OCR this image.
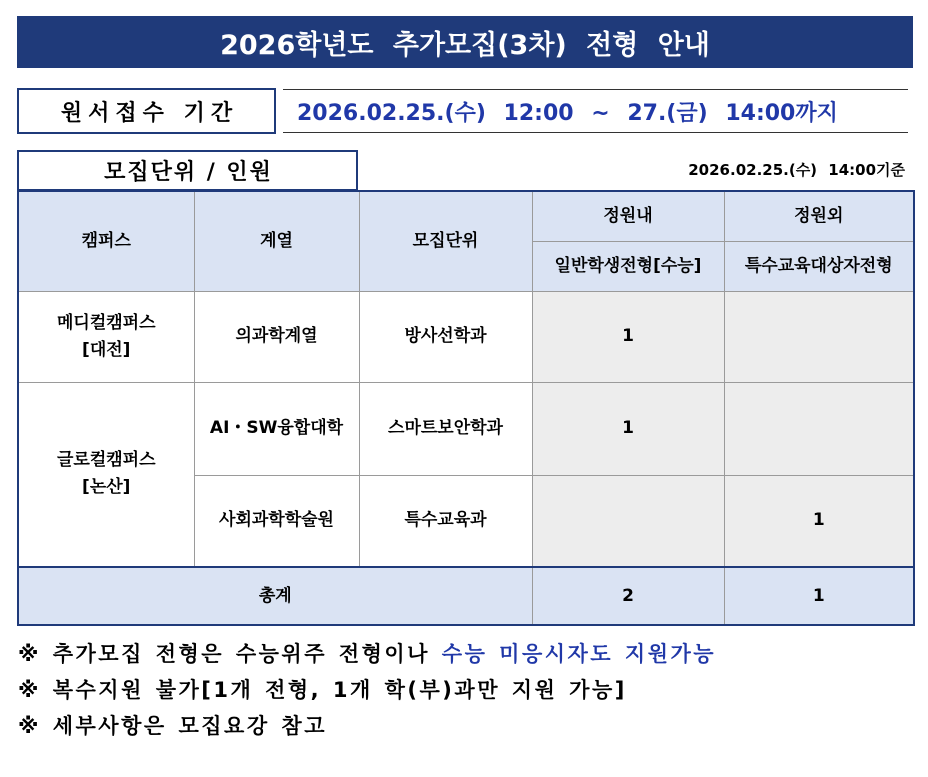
2026학년도 추가모집(3차) 전형 안내
원서접수 기간	2026.02.25.(수) 12:00 ~ 27.(금) 14:00까지
모집단위 / 인원	2026.02.25.(수) 14:00기준
캠퍼스	계열	모집단위	정원내	정원외
			일반학생전형[수능]	특수교육대상자전형

메디컬캠퍼스
[대전]	의과학계열	방사선학과	1	

글로컬캠퍼스
[논산]	AI・SW융합대학	스마트보안학과	1	
	사회과학학술원	특수교육과		1
총계			2	1
※ 추가모집 전형은 수능위주 전형이나 수능 미응시자도 지원가능
※ 복수지원 불가[1개 전형, 1개 학(부)과만 지원 가능]
※ 세부사항은 모집요강 참고
